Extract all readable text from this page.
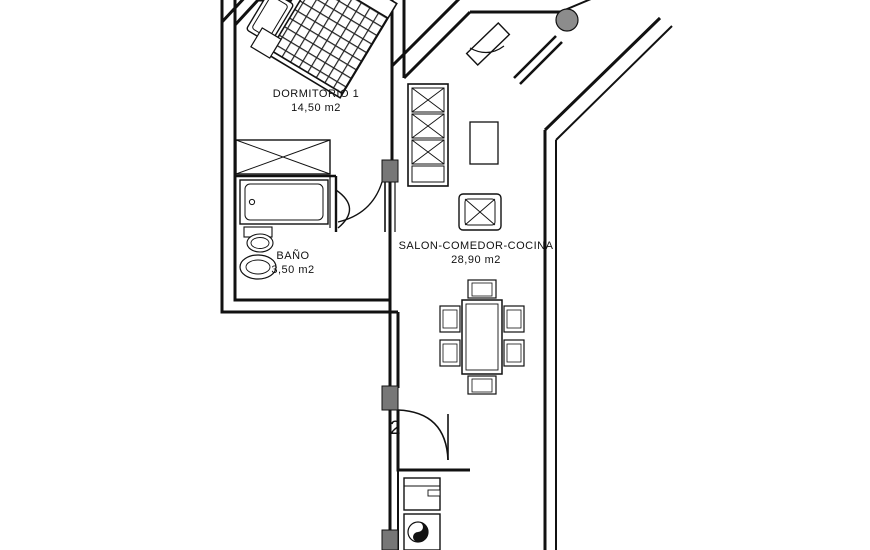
DORMITORIO 1
14,50 m2
BAÑO
3,50 m2
SALON-COMEDOR-COCINA
28,90 m2
2
